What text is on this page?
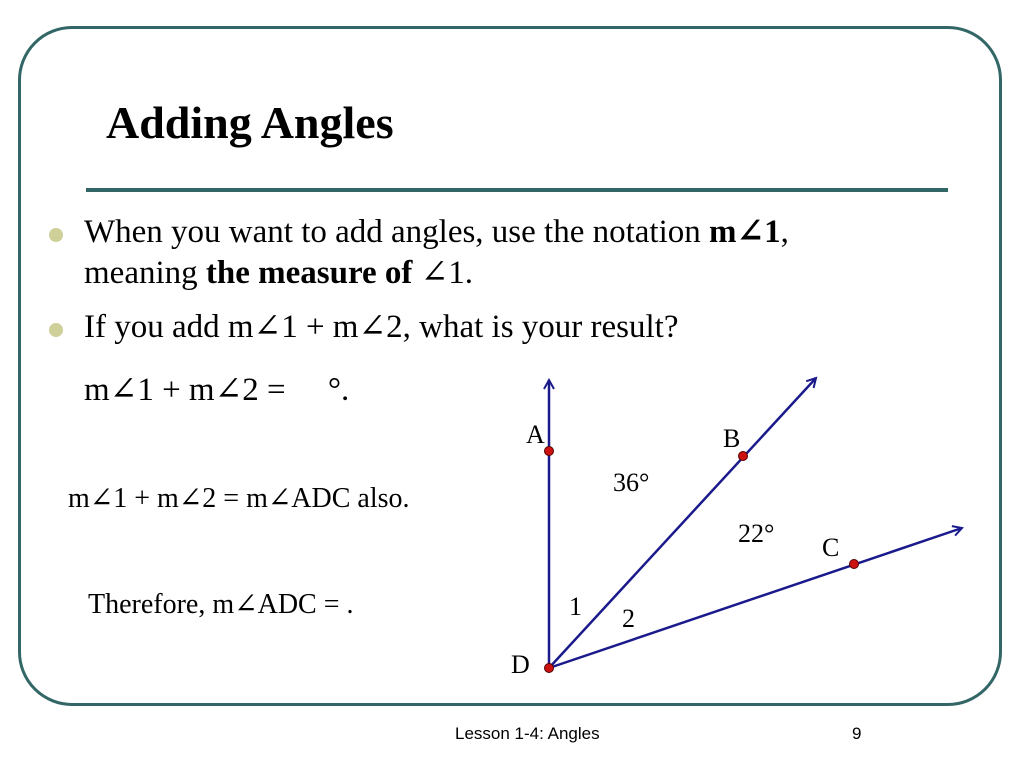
Adding Angles
When you want to add angles, use the notation m∠1,
meaning the measure of ∠1.
If you add m∠1 + m∠2, what is your result?
m∠1 + m∠2 = °.
m∠1 + m∠2 = m∠ADC also.
Therefore, m∠ADC = .
A	B
C
D
36°
22°
1 2
Lesson 1-4: Angles	9
